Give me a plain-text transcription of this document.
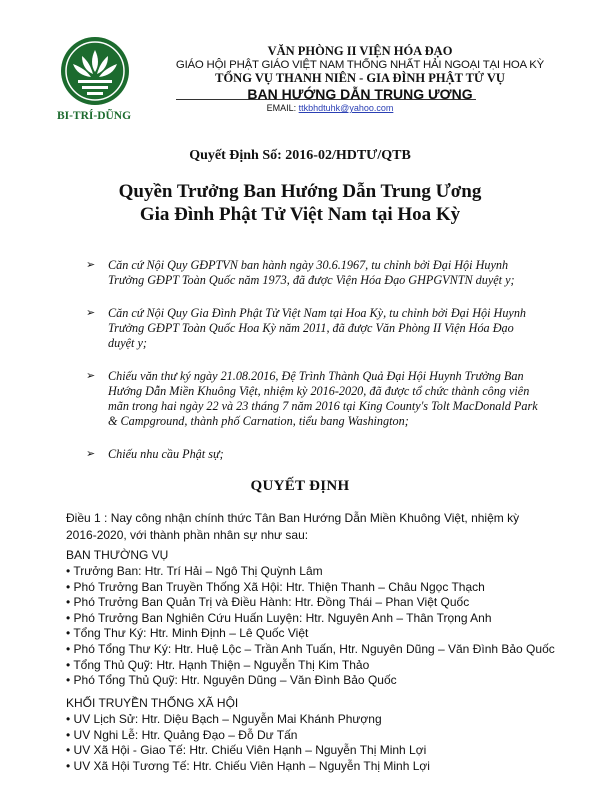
BI-TRÍ-DŨNG
VĂN PHÒNG II VIỆN HÓA ĐẠO
GIÁO HỘI PHẬT GIÁO VIỆT NAM THỐNG NHẤT HẢI NGOẠI TẠI HOA KỲ
TỔNG VỤ THANH NIÊN - GIA ĐÌNH PHẬT TỬ VỤ
BAN HƯỚNG DẪN TRUNG ƯƠNG
EMAIL: ttkbhdtuhk@yahoo.com
Quyết Định Số: 2016-02/HDTƯ/QTB
Quyền Trưởng Ban Hướng Dẫn Trung Ương
Gia Đình Phật Tử Việt Nam tại Hoa Kỳ
➢ Căn cứ Nội Quy GĐPTVN ban hành ngày 30.6.1967, tu chỉnh bởi Đại Hội Huynh Trưởng GĐPT Toàn Quốc năm 1973, đã được Viện Hóa Đạo GHPGVNTN duyệt y;
➢ Căn cứ Nội Quy Gia Đình Phật Tử Việt Nam tại Hoa Kỳ, tu chỉnh bởi Đại Hội Huynh Trưởng GĐPT Toàn Quốc Hoa Kỳ năm 2011, đã được Văn Phòng II Viện Hóa Đạo duyệt y;
➢ Chiếu văn thư ký ngày 21.08.2016, Đệ Trình Thành Quả Đại Hội Huynh Trưởng Ban Hướng Dẫn Miền Khuông Việt, nhiệm kỳ 2016-2020, đã được tổ chức thành công viên mãn trong hai ngày 22 và 23 tháng 7 năm 2016 tại King County's Tolt MacDonald Park & Campground, thành phố Carnation, tiểu bang Washington;
➢ Chiếu nhu cầu Phật sự;
QUYẾT ĐỊNH
Điều 1 : Nay công nhận chính thức Tân Ban Hướng Dẫn Miền Khuông Việt, nhiệm kỳ 2016-2020, với thành phần nhân sự như sau:
BAN THƯỜNG VỤ
• Trưởng Ban: Htr. Trí Hải – Ngô Thị Quỳnh Lâm
• Phó Trưởng Ban Truyền Thống Xã Hội: Htr. Thiện Thanh – Châu Ngọc Thạch
• Phó Trưởng Ban Quản Trị và Điều Hành: Htr. Đồng Thái – Phan Việt Quốc
• Phó Trưởng Ban Nghiên Cứu Huấn Luyện: Htr. Nguyên Anh – Thân Trọng Anh
• Tổng Thư Ký: Htr. Minh Định – Lê Quốc Việt
• Phó Tổng Thư Ký: Htr. Huệ Lộc – Trần Anh Tuấn, Htr. Nguyên Dũng – Văn Đình Bảo Quốc
• Tổng Thủ Quỹ: Htr. Hạnh Thiện – Nguyễn Thị Kim Thảo
• Phó Tổng Thủ Quỹ: Htr. Nguyên Dũng – Văn Đình Bảo Quốc
KHỐI TRUYỀN THỐNG XÃ HỘI
• UV Lịch Sử: Htr. Diệu Bạch – Nguyễn Mai Khánh Phượng
• UV Nghi Lễ: Htr. Quảng Đạo – Đỗ Dư Tấn
• UV Xã Hội - Giao Tế: Htr. Chiếu Viên Hạnh – Nguyễn Thị Minh Lợi
• UV Xã Hội Tương Tế: Htr. Chiếu Viên Hạnh – Nguyễn Thị Minh Lợi
